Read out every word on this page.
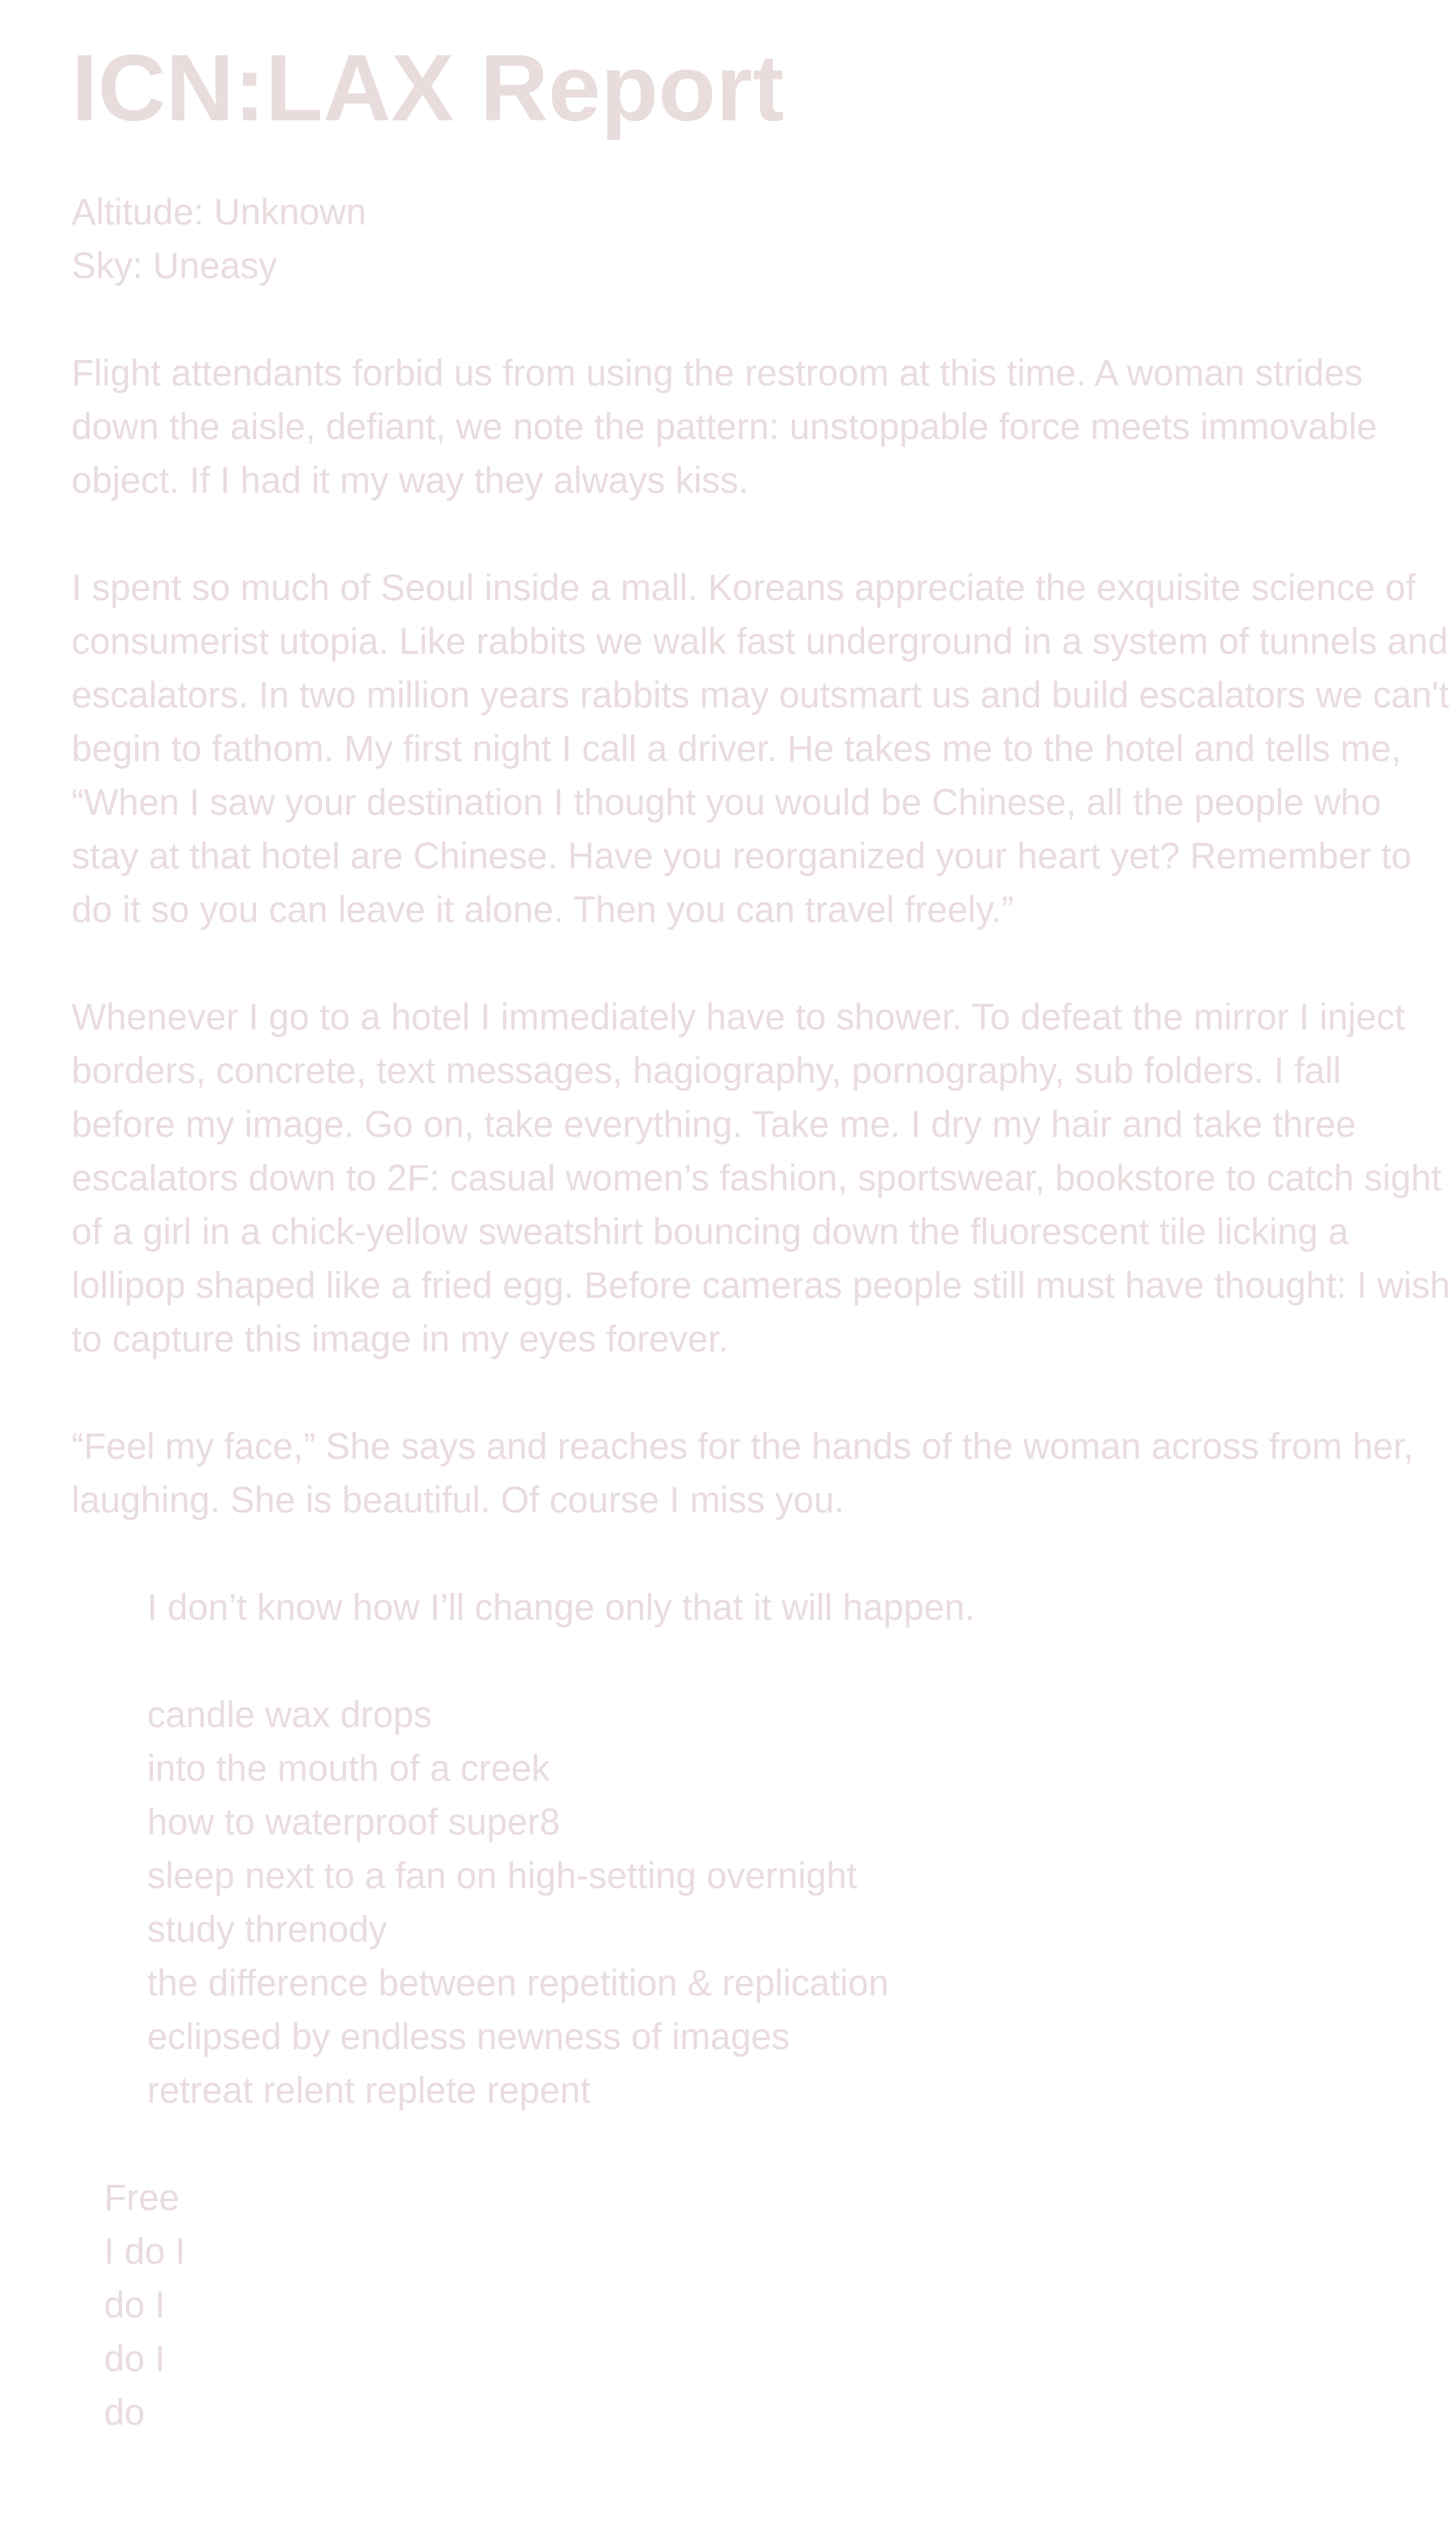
ICN:LAX Report
Altitude: Unknown
Sky: Uneasy

Flight attendants forbid us from using the restroom at this time. A woman strides down the aisle, defiant, we note the pattern: unstoppable force meets immovable object. If I had it my way they always kiss.

I spent so much of Seoul inside a mall. Koreans appreciate the exquisite science of consumerist utopia. Like rabbits we walk fast underground in a system of tunnels and escalators. In two million years rabbits may outsmart us and build escalators we can't begin to fathom. My first night I call a driver. He takes me to the hotel and tells me, “When I saw your destination I thought you would be Chinese, all the people who stay at that hotel are Chinese. Have you reorganized your heart yet? Remember to do it so you can leave it alone. Then you can travel freely.”

Whenever I go to a hotel I immediately have to shower. To defeat the mirror I inject borders, concrete, text messages, hagiography, pornography, sub folders. I fall before my image. Go on, take everything. Take me. I dry my hair and take three escalators down to 2F: casual women’s fashion, sportswear, bookstore to catch sight of a girl in a chick-yellow sweatshirt bouncing down the fluorescent tile licking a lollipop shaped like a fried egg. Before cameras people still must have thought: I wish to capture this image in my eyes forever.

“Feel my face,” She says and reaches for the hands of the woman across from her, laughing. She is beautiful. Of course I miss you.

I don’t know how I’ll change only that it will happen.
candle wax drops
into the mouth of a creek
how to waterproof super8
sleep next to a fan on high-setting overnight
study threnody
the difference between repetition & replication
eclipsed by endless newness of images
retreat relent replete repent
Free
I do I
do I
do I
do
